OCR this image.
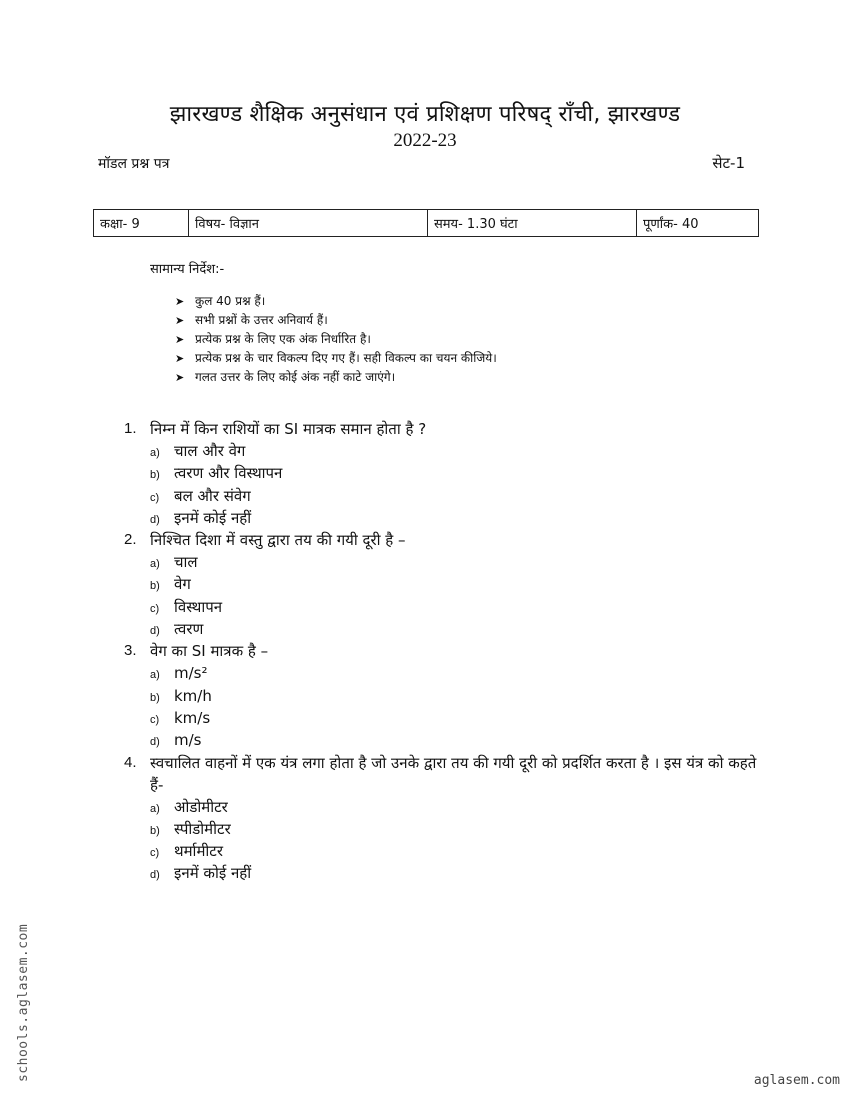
झारखण्ड शैक्षिक अनुसंधान एवं प्रशिक्षण परिषद् राँची, झारखण्ड
2022-23
मॉडल प्रश्न पत्र	सेट-1
कक्षा- 9	विषय- विज्ञान	समय- 1.30 घंटा	पूर्णांक- 40
सामान्य निर्देश:-
➤ कुल 40 प्रश्न हैं।
➤ सभी प्रश्नों के उत्तर अनिवार्य हैं।
➤ प्रत्येक प्रश्न के लिए एक अंक निर्धारित है।
➤ प्रत्येक प्रश्न के चार विकल्प दिए गए हैं। सही विकल्प का चयन कीजिये।
➤ गलत उत्तर के लिए कोई अंक नहीं काटे जाएंगे।
1. निम्न में किन राशियों का SI मात्रक समान होता है ?
a) चाल और वेग
b) त्वरण और विस्थापन
c) बल और संवेग
d) इनमें कोई नहीं
2. निश्चित दिशा में वस्तु द्वारा तय की गयी दूरी है –
a) चाल
b) वेग
c) विस्थापन
d) त्वरण
3. वेग का SI मात्रक है –
a) m/s²
b) km/h
c) km/s
d) m/s
4. स्वचालित वाहनों में एक यंत्र लगा होता है जो उनके द्वारा तय की गयी दूरी को प्रदर्शित करता है । इस यंत्र को कहते हैं-
a) ओडोमीटर
b) स्पीडोमीटर
c) थर्मामीटर
d) इनमें कोई नहीं
schools.aglasem.com	aglasem.com
